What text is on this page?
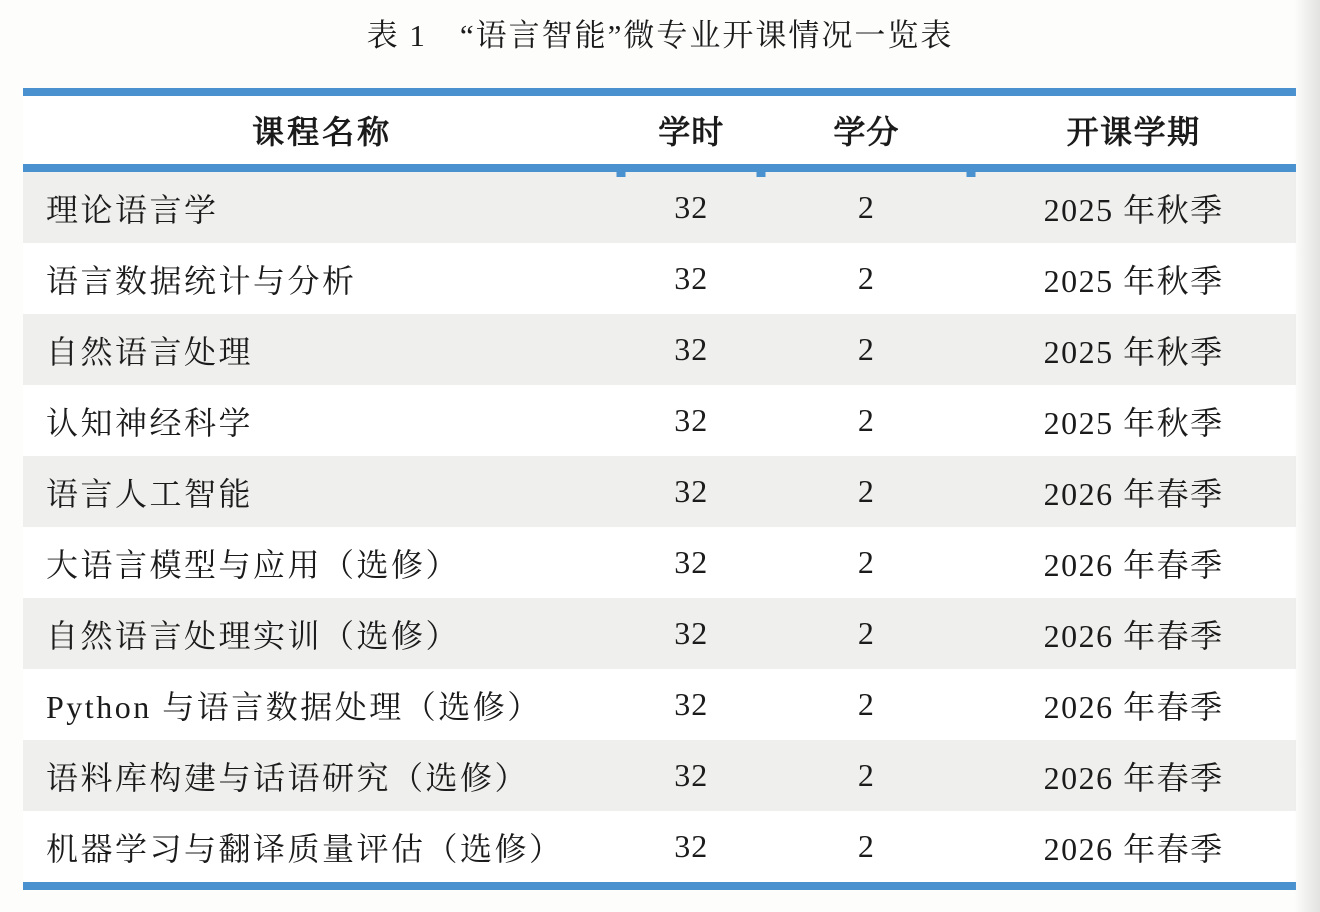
表 1　“语言智能”微专业开课情况一览表
课程名称	学时	学分	开课学期
理论语言学	32	2	2025 年秋季
语言数据统计与分析	32	2	2025 年秋季
自然语言处理	32	2	2025 年秋季
认知神经科学	32	2	2025 年秋季
语言人工智能	32	2	2026 年春季
大语言模型与应用（选修）	32	2	2026 年春季
自然语言处理实训（选修）	32	2	2026 年春季
Python 与语言数据处理（选修）	32	2	2026 年春季
语料库构建与话语研究（选修）	32	2	2026 年春季
机器学习与翻译质量评估（选修）	32	2	2026 年春季
